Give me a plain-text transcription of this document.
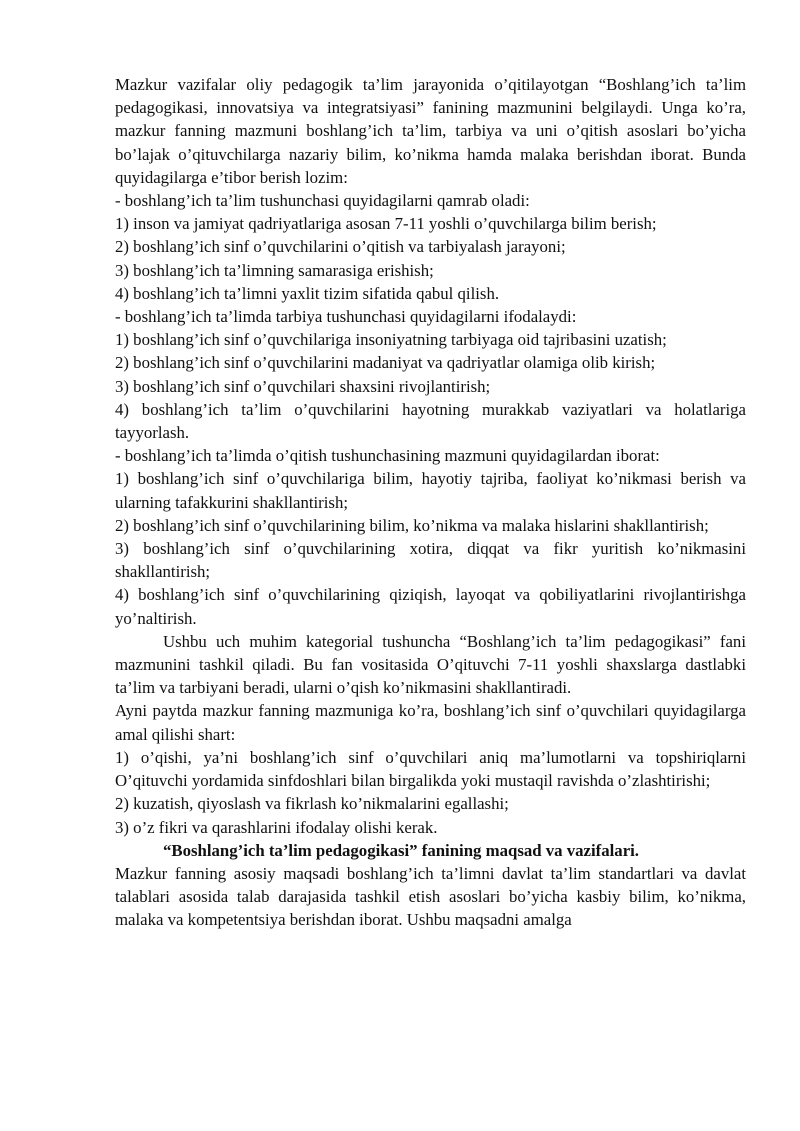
Mazkur vazifalar oliy pedagogik ta’lim jarayonida o’qitilayotgan “Boshlang’ich ta’lim pedagogikasi, innovatsiya va integratsiyasi” fanining mazmunini belgilaydi. Unga ko’ra, mazkur fanning mazmuni boshlang’ich ta’lim, tarbiya va uni o’qitish asoslari bo’yicha bo’lajak o’qituvchilarga nazariy bilim, ko’nikma hamda malaka berishdan iborat. Bunda quyidagilarga e’tibor berish lozim:

- boshlang’ich ta’lim tushunchasi quyidagilarni qamrab oladi:

1) inson va jamiyat qadriyatlariga asosan 7-11 yoshli o’quvchilarga bilim berish;

2) boshlang’ich sinf o’quvchilarini o’qitish va tarbiyalash jarayoni;

3) boshlang’ich ta’limning samarasiga erishish;

4) boshlang’ich ta’limni yaxlit tizim sifatida qabul qilish.

- boshlang’ich ta’limda tarbiya tushunchasi quyidagilarni ifodalaydi:

1) boshlang’ich sinf o’quvchilariga insoniyatning tarbiyaga oid tajribasini uzatish;

2) boshlang’ich sinf o’quvchilarini madaniyat va qadriyatlar olamiga olib kirish;

3) boshlang’ich sinf o’quvchilari shaxsini rivojlantirish;

4) boshlang’ich ta’lim o’quvchilarini hayotning murakkab vaziyatlari va holatlariga tayyorlash.

- boshlang’ich ta’limda o’qitish tushunchasining mazmuni quyidagilardan iborat:

1) boshlang’ich sinf o’quvchilariga bilim, hayotiy tajriba, faoliyat ko’nikmasi berish va ularning tafakkurini shakllantirish;

2) boshlang’ich sinf o’quvchilarining bilim, ko’nikma va malaka hislarini shakllantirish;

3) boshlang’ich sinf o’quvchilarining xotira, diqqat va fikr yuritish ko’nikmasini shakllantirish;

4) boshlang’ich sinf o’quvchilarining qiziqish, layoqat va qobiliyatlarini rivojlantirishga yo’naltirish.

Ushbu uch muhim kategorial tushuncha “Boshlang’ich ta’lim pedagogikasi” fani mazmunini tashkil qiladi. Bu fan vositasida O’qituvchi 7-11 yoshli shaxslarga dastlabki ta’lim va tarbiyani beradi, ularni o’qish ko’nikmasini shakllantiradi.

Ayni paytda mazkur fanning mazmuniga ko’ra, boshlang’ich sinf o’quvchilari quyidagilarga amal qilishi shart:

1) o’qishi, ya’ni boshlang’ich sinf o’quvchilari aniq ma’lumotlarni va topshiriqlarni O’qituvchi yordamida sinfdoshlari bilan birgalikda yoki mustaqil ravishda o’zlashtirishi;

2) kuzatish, qiyoslash va fikrlash ko’nikmalarini egallashi;

3) o’z fikri va qarashlarini ifodalay olishi kerak.

“Boshlang’ich ta’lim pedagogikasi” fanining maqsad va vazifalari.

Mazkur fanning asosiy maqsadi boshlang’ich ta’limni davlat ta’lim standartlari va davlat talablari asosida talab darajasida tashkil etish asoslari bo’yicha kasbiy bilim, ko’nikma, malaka va kompetentsiya berishdan iborat. Ushbu maqsadni amalga
